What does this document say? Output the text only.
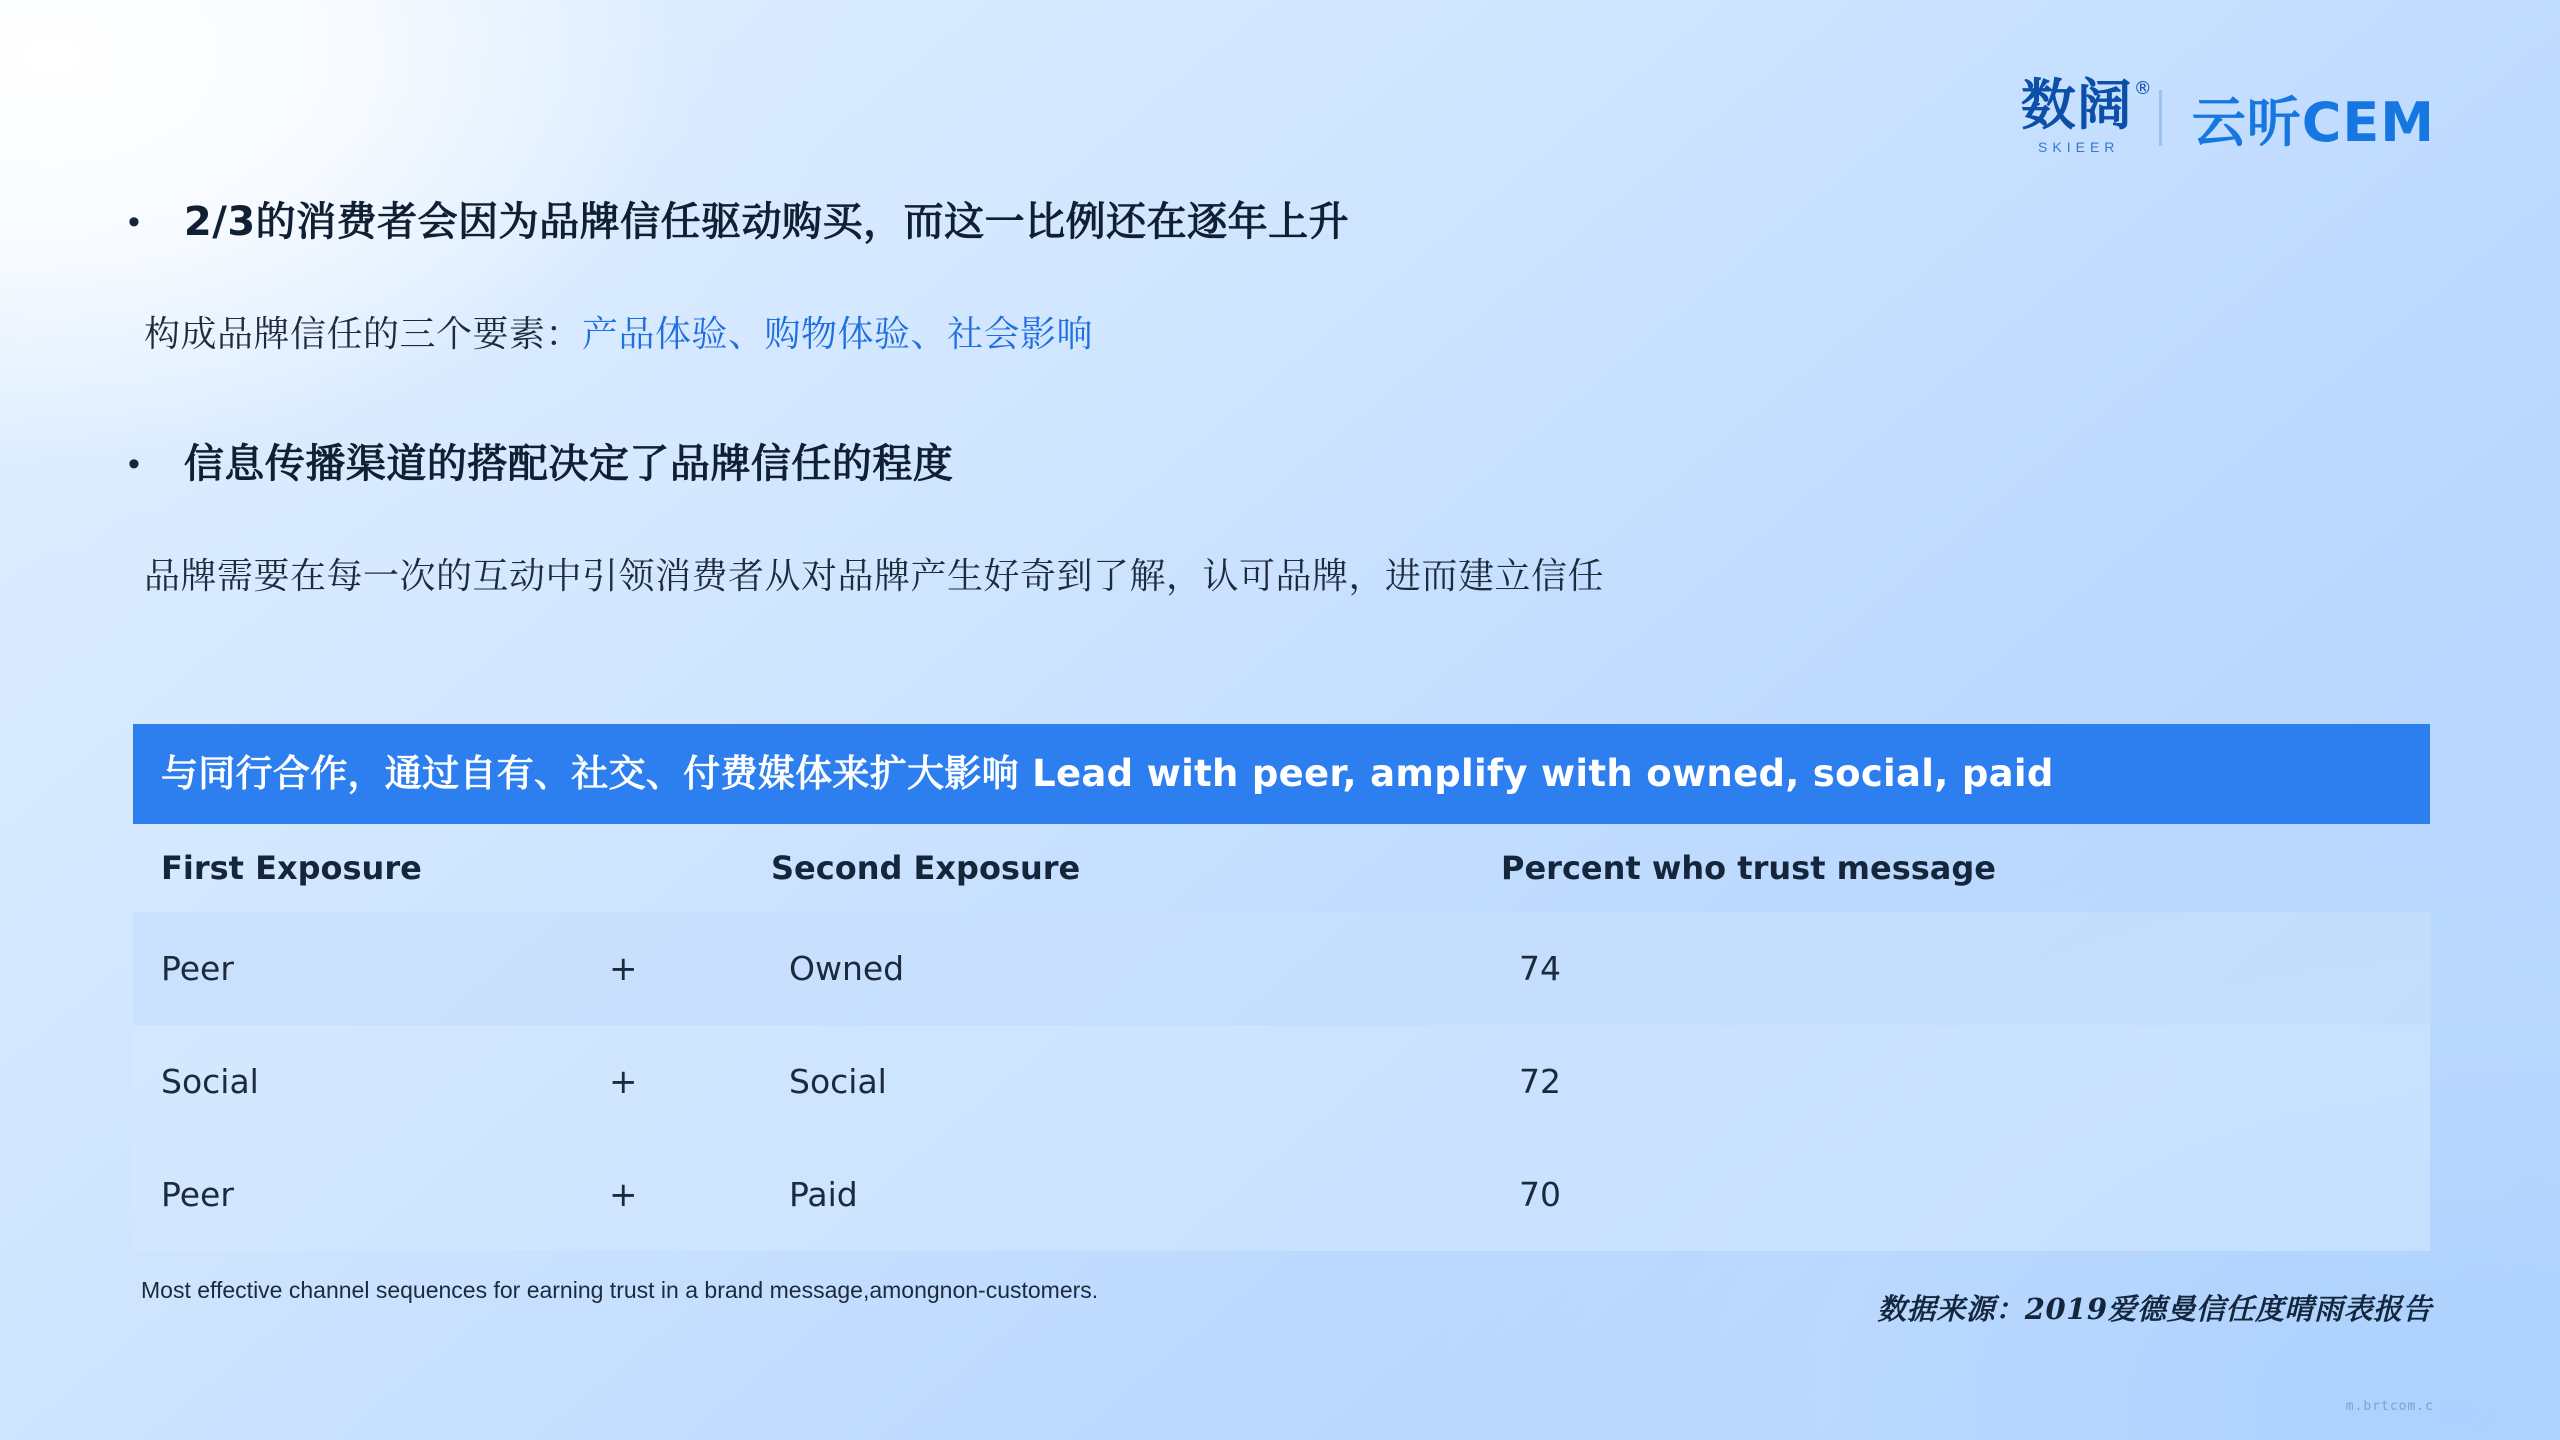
数阔 ®
SKIEER 云听CEM
• 2/3的消费者会因为品牌信任驱动购买，而这一比例还在逐年上升
构成品牌信任的三个要素：产品体验、购物体验、社会影响
• 信息传播渠道的搭配决定了品牌信任的程度
品牌需要在每一次的互动中引领消费者从对品牌产生好奇到了解，认可品牌，进而建立信任
与同行合作，通过自有、社交、付费媒体来扩大影响 Lead with peer, amplify with owned, social, paid
First Exposure	Second Exposure	Percent who trust message
Peer	+	Owned	74
Social	+	Social	72
Peer	+	Paid	70
Most effective channel sequences for earning trust in a brand message,amongnon-customers.
数据来源：2019爱德曼信任度晴雨表报告
m.brtcom.c
